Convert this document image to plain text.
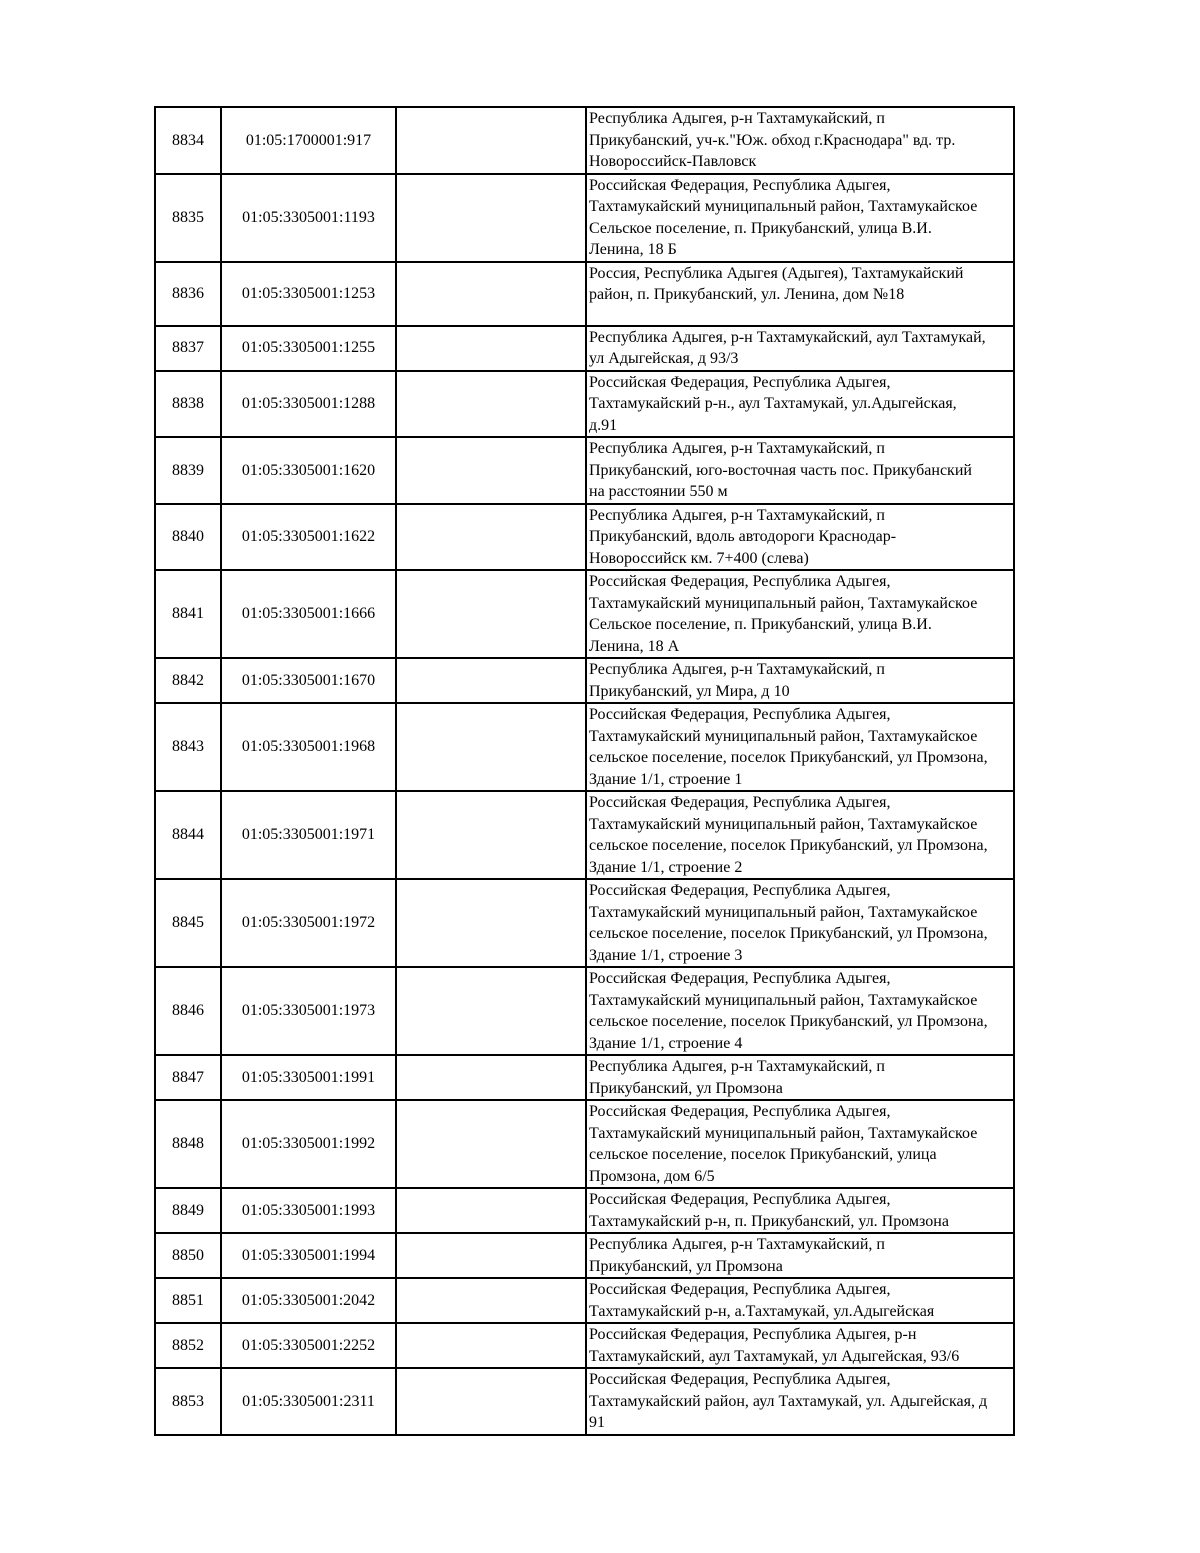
8834	01:05:1700001:917		Республика Адыгея, р-н Тахтамукайский, п
Прикубанский, уч-к."Юж. обход г.Краснодара" вд. тр.
Новороссийск-Павловск
8835	01:05:3305001:1193		Российская Федерация, Республика Адыгея,
Тахтамукайский муниципальный район, Тахтамукайское
Сельское поселение, п. Прикубанский, улица В.И.
Ленина, 18 Б
8836	01:05:3305001:1253		Россия, Республика Адыгея (Адыгея), Тахтамукайский
район, п. Прикубанский, ул. Ленина, дом №18
8837	01:05:3305001:1255		Республика Адыгея, р-н Тахтамукайский, аул Тахтамукай,
ул Адыгейская, д 93/3
8838	01:05:3305001:1288		Российская Федерация, Республика Адыгея,
Тахтамукайский р-н., аул Тахтамукай, ул.Адыгейская,
д.91
8839	01:05:3305001:1620		Республика Адыгея, р-н Тахтамукайский, п
Прикубанский, юго-восточная часть пос. Прикубанский
на расстоянии 550 м
8840	01:05:3305001:1622		Республика Адыгея, р-н Тахтамукайский, п
Прикубанский, вдоль автодороги Краснодар-
Новороссийск км. 7+400 (слева)
8841	01:05:3305001:1666		Российская Федерация, Республика Адыгея,
Тахтамукайский муниципальный район, Тахтамукайское
Сельское поселение, п. Прикубанский, улица В.И.
Ленина, 18 А
8842	01:05:3305001:1670		Республика Адыгея, р-н Тахтамукайский, п
Прикубанский, ул Мира, д 10
8843	01:05:3305001:1968		Российская Федерация, Республика Адыгея,
Тахтамукайский муниципальный район, Тахтамукайское
сельское поселение, поселок Прикубанский, ул Промзона,
Здание 1/1, строение 1
8844	01:05:3305001:1971		Российская Федерация, Республика Адыгея,
Тахтамукайский муниципальный район, Тахтамукайское
сельское поселение, поселок Прикубанский, ул Промзона,
Здание 1/1, строение 2
8845	01:05:3305001:1972		Российская Федерация, Республика Адыгея,
Тахтамукайский муниципальный район, Тахтамукайское
сельское поселение, поселок Прикубанский, ул Промзона,
Здание 1/1, строение 3
8846	01:05:3305001:1973		Российская Федерация, Республика Адыгея,
Тахтамукайский муниципальный район, Тахтамукайское
сельское поселение, поселок Прикубанский, ул Промзона,
Здание 1/1, строение 4
8847	01:05:3305001:1991		Республика Адыгея, р-н Тахтамукайский, п
Прикубанский, ул Промзона
8848	01:05:3305001:1992		Российская Федерация, Республика Адыгея,
Тахтамукайский муниципальный район, Тахтамукайское
сельское поселение, поселок Прикубанский, улица
Промзона, дом 6/5
8849	01:05:3305001:1993		Российская Федерация, Республика Адыгея,
Тахтамукайский р-н, п. Прикубанский, ул. Промзона
8850	01:05:3305001:1994		Республика Адыгея, р-н Тахтамукайский, п
Прикубанский, ул Промзона
8851	01:05:3305001:2042		Российская Федерация, Республика Адыгея,
Тахтамукайский р-н, а.Тахтамукай, ул.Адыгейская
8852	01:05:3305001:2252		Российская Федерация, Республика Адыгея, р-н
Тахтамукайский, аул Тахтамукай, ул Адыгейская, 93/6
8853	01:05:3305001:2311		Российская Федерация, Республика Адыгея,
Тахтамукайский район, аул Тахтамукай, ул. Адыгейская, д
91
